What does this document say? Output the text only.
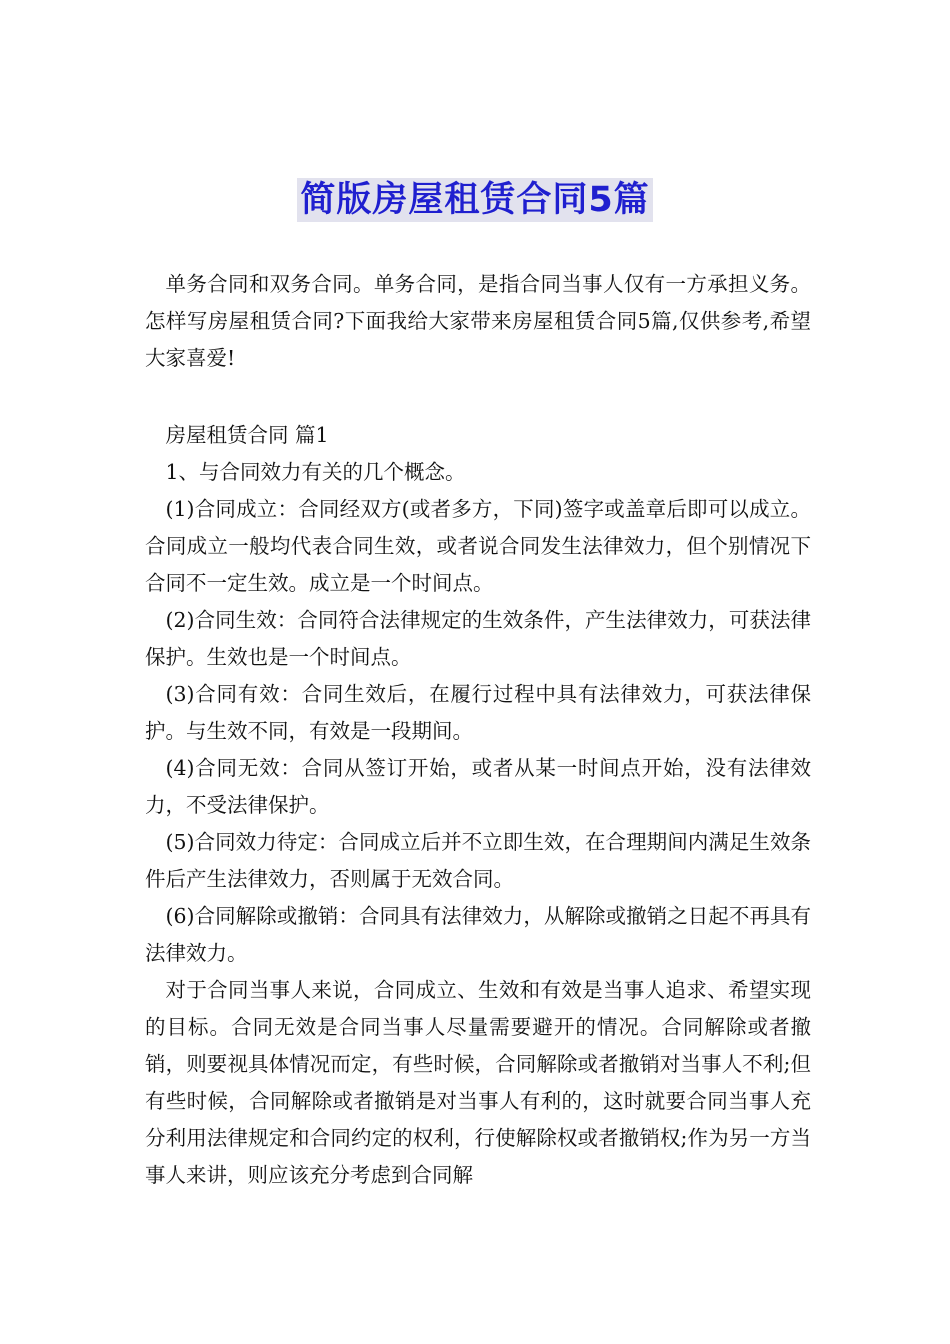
简版房屋租赁合同5篇

单务合同和双务合同。单务合同，是指合同当事人仅有一方承担义务。怎样写房屋租赁合同?下面我给大家带来房屋租赁合同5篇,仅供参考,希望大家喜爱!

房屋租赁合同 篇1

1、与合同效力有关的几个概念。

(1)合同成立：合同经双方(或者多方，下同)签字或盖章后即可以成立。合同成立一般均代表合同生效，或者说合同发生法律效力，但个别情况下合同不一定生效。成立是一个时间点。

(2)合同生效：合同符合法律规定的生效条件，产生法律效力，可获法律保护。生效也是一个时间点。

(3)合同有效：合同生效后，在履行过程中具有法律效力，可获法律保护。与生效不同，有效是一段期间。

(4)合同无效：合同从签订开始，或者从某一时间点开始，没有法律效力，不受法律保护。

(5)合同效力待定：合同成立后并不立即生效，在合理期间内满足生效条件后产生法律效力，否则属于无效合同。

(6)合同解除或撤销：合同具有法律效力，从解除或撤销之日起不再具有法律效力。

对于合同当事人来说，合同成立、生效和有效是当事人追求、希望实现的目标。合同无效是合同当事人尽量需要避开的情况。合同解除或者撤销，则要视具体情况而定，有些时候，合同解除或者撤销对当事人不利;但有些时候，合同解除或者撤销是对当事人有利的，这时就要合同当事人充分利用法律规定和合同约定的权利，行使解除权或者撤销权;作为另一方当事人来讲，则应该充分考虑到合同解
